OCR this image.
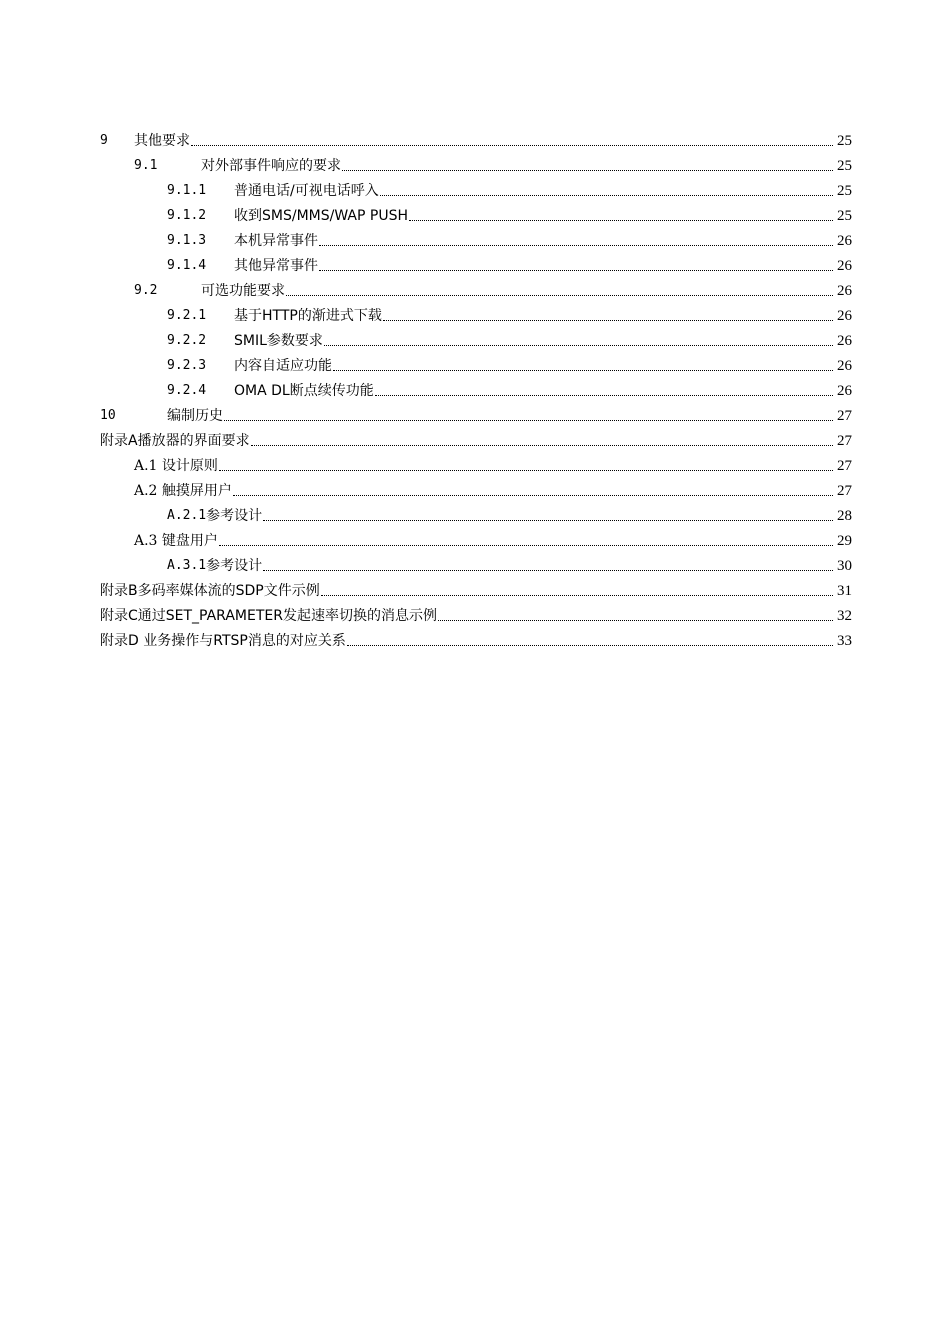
9	其他要求	25
9.1	对外部事件响应的要求	25
9.1.1	普通电话/可视电话呼入	25
9.1.2	收到SMS/MMS/WAP PUSH	25
9.1.3	本机异常事件	26
9.1.4	其他异常事件	26
9.2	可选功能要求	26
9.2.1	基于HTTP的渐进式下载	26
9.2.2	SMIL参数要求	26
9.2.3	内容自适应功能	26
9.2.4	OMA DL断点续传功能	26
10	编制历史	27
附录A播放器的界面要求	27
A.1 设计原则	27
A.2 触摸屏用户	27
A.2.1 参考设计	28
A.3 键盘用户	29
A.3.1 参考设计	30
附录B多码率媒体流的SDP文件示例	31
附录C通过SET_PARAMETER发起速率切换的消息示例	32
附录D 业务操作与RTSP消息的对应关系	33
